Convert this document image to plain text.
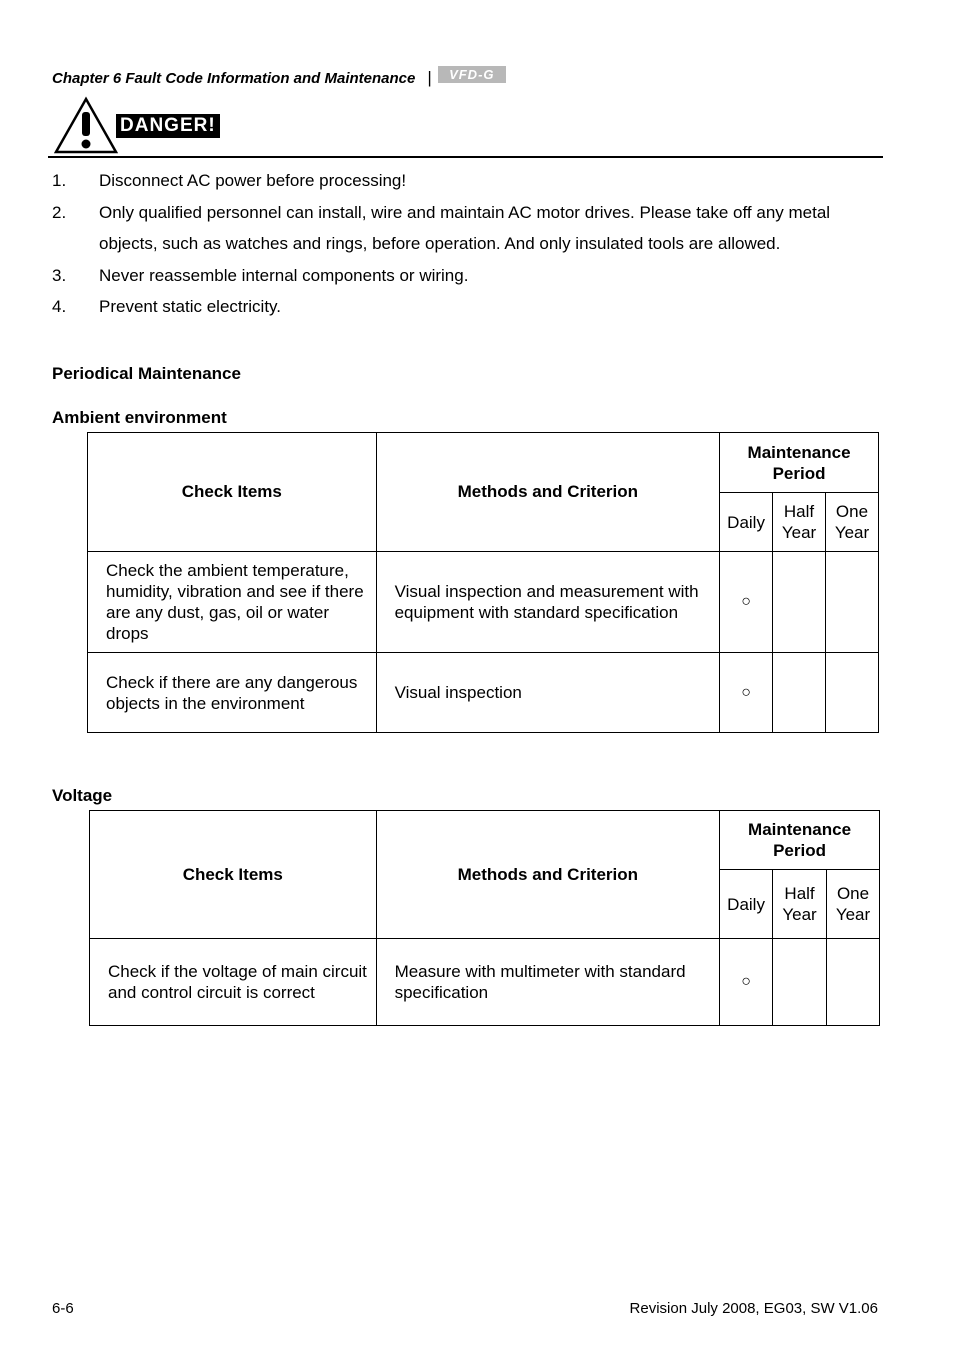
Chapter 6 Fault Code Information and Maintenance |	VFD-G
DANGER!
1.	Disconnect AC power before processing!
2.	Only qualified personnel can install, wire and maintain AC motor drives. Please take off any metal objects, such as watches and rings, before operation. And only insulated tools are allowed.
3.	Never reassemble internal components or wiring.
4.	Prevent static electricity.
Periodical Maintenance
Ambient environment
Check Items	Methods and Criterion	Maintenance Period		
		Daily	Half Year	One Year
Check the ambient temperature, humidity, vibration and see if there are any dust, gas, oil or water drops	Visual inspection and measurement with equipment with standard specification	○		
Check if there are any dangerous objects in the environment	Visual inspection	○		
Voltage
Check Items	Methods and Criterion	Maintenance Period		
		Daily	Half Year	One Year
Check if the voltage of main circuit and control circuit is correct	Measure with multimeter with standard specification	○		
6-6	Revision July 2008, EG03, SW V1.06
